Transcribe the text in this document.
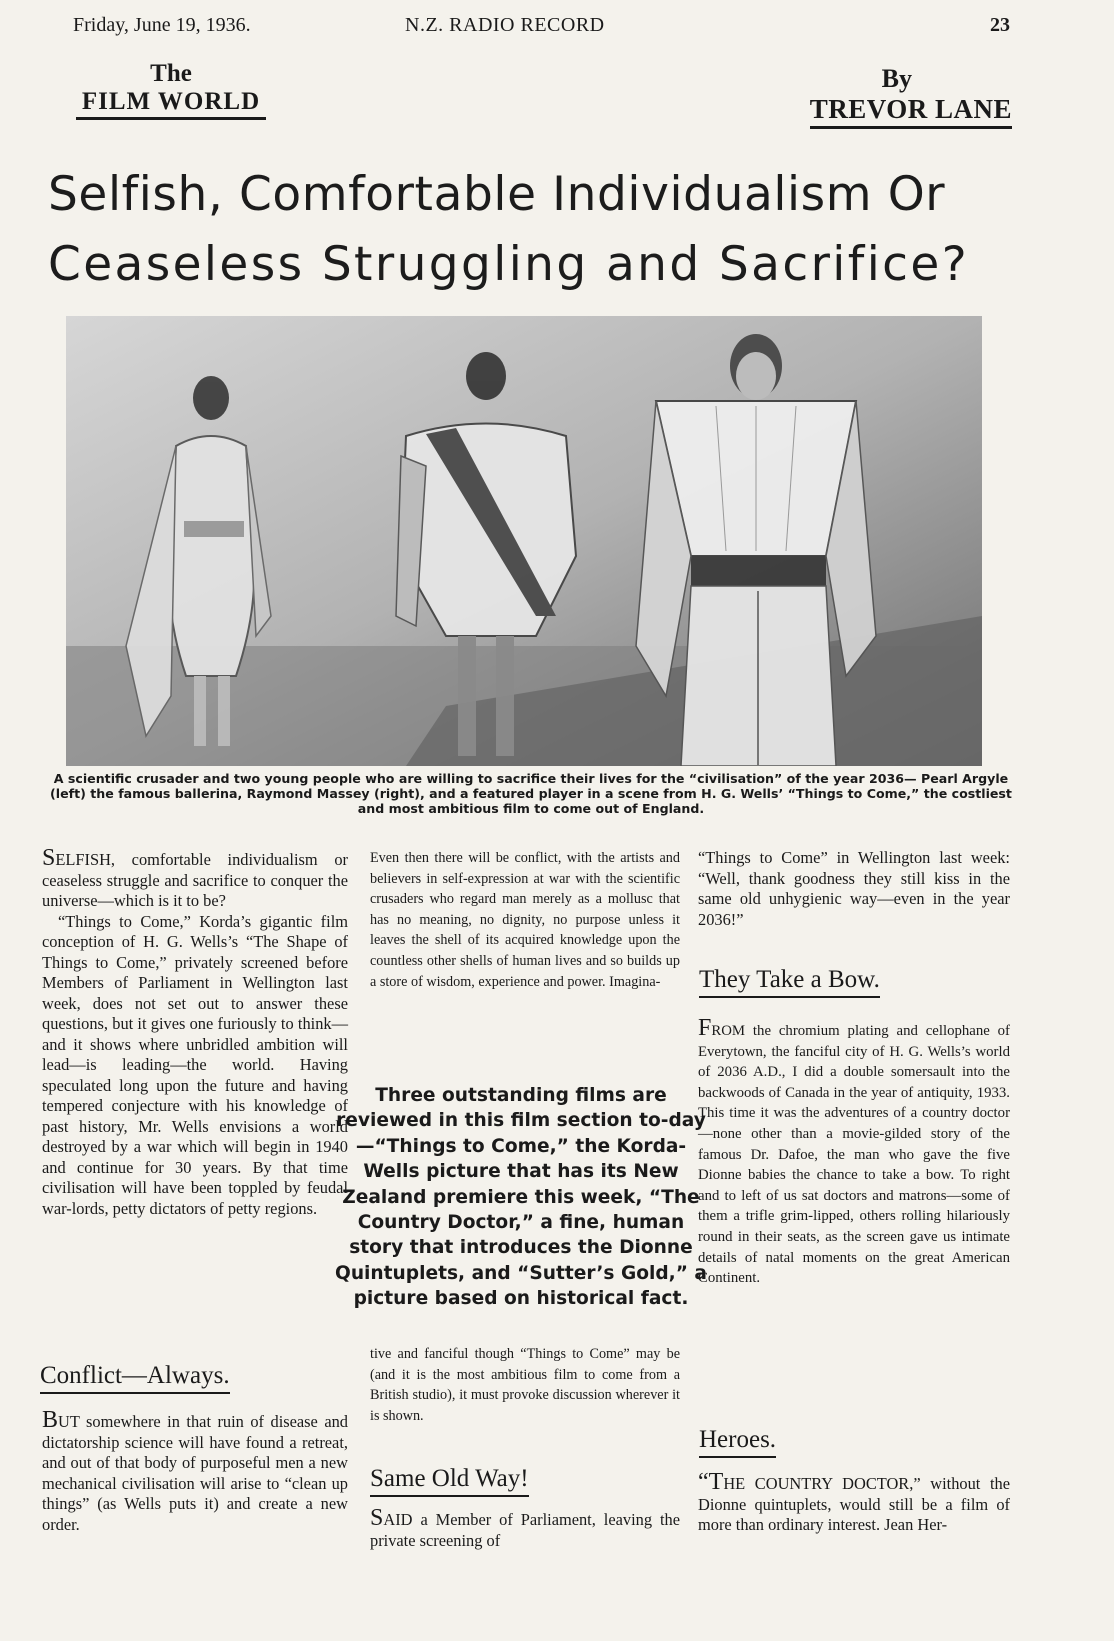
Friday, June 19, 1936.	N.Z. RADIO RECORD	23
The
FILM WORLD
By
TREVOR LANE
Selfish, Comfortable Individualism Or
Ceaseless Struggling and Sacrifice?
A scientific crusader and two young people who are willing to sacrifice their lives for the “civilisation” of the year 2036— Pearl Argyle (left) the famous ballerina, Raymond Massey (right), and a featured player in a scene from H. G. Wells’ “Things to Come,” the costliest and most ambitious film to come out of England.

SELFISH, comfortable individualism or ceaseless struggle and sacrifice to conquer the universe—which is it to be?

“Things to Come,” Korda’s gigantic film conception of H. G. Wells’s “The Shape of Things to Come,” privately screened before Members of Parliament in Wellington last week, does not set out to answer these questions, but it gives one furiously to think—and it shows where unbridled ambition will lead—is leading—the world. Having speculated long upon the future and having tempered conjecture with his knowledge of past history, Mr. Wells envisions a world destroyed by a war which will begin in 1940 and continue for 30 years. By that time civilisation will have been toppled by feudal war-lords, petty dictators of petty regions.

Conflict—Always.

BUT somewhere in that ruin of disease and dictatorship science will have found a retreat, and out of that body of purposeful men a new mechanical civilisation will arise to “clean up things” (as Wells puts it) and create a new order.

Even then there will be conflict, with the artists and believers in self-expression at war with the scientific crusaders who regard man merely as a mollusc that has no meaning, no dignity, no purpose unless it leaves the shell of its acquired knowledge upon the countless other shells of human lives and so builds up a store of wisdom, experience and power. Imagina-

Three outstanding films are reviewed in this film section to-day—“Things to Come,” the Korda-Wells picture that has its New Zealand premiere this week, “The Country Doctor,” a fine, human story that introduces the Dionne Quintuplets, and “Sutter’s Gold,” a picture based on historical fact.

tive and fanciful though “Things to Come” may be (and it is the most ambitious film to come from a British studio), it must provoke discussion wherever it is shown.

Same Old Way!

SAID a Member of Parliament, leaving the private screening of

“Things to Come” in Wellington last week: “Well, thank goodness they still kiss in the same old unhygienic way—even in the year 2036!”

They Take a Bow.

FROM the chromium plating and cellophane of Everytown, the fanciful city of H. G. Wells’s world of 2036 A.D., I did a double somersault into the backwoods of Canada in the year of antiquity, 1933. This time it was the adventures of a country doctor—none other than a movie-gilded story of the famous Dr. Dafoe, the man who gave the five Dionne babies the chance to take a bow. To right and to left of us sat doctors and matrons—some of them a trifle grim-lipped, others rolling hilariously round in their seats, as the screen gave us intimate details of natal moments on the great American Continent.

Heroes.

“THE COUNTRY DOCTOR,” without the Dionne quintuplets, would still be a film of more than ordinary interest. Jean Her-
